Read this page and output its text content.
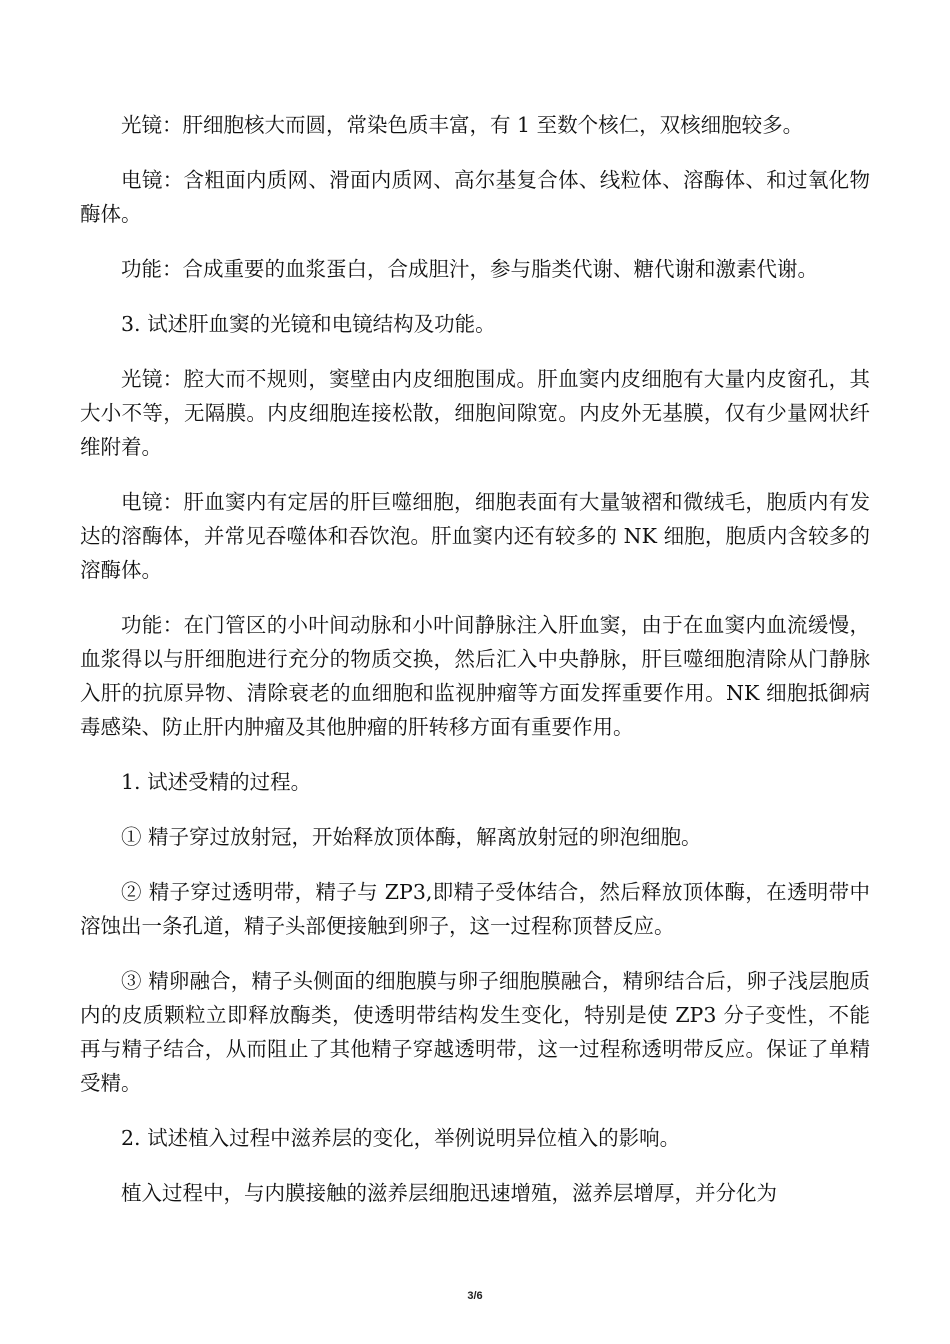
光镜：肝细胞核大而圆，常染色质丰富，有 1 至数个核仁，双核细胞较多。

电镜：含粗面内质网、滑面内质网、高尔基复合体、线粒体、溶酶体、和过氧化物酶体。

功能：合成重要的血浆蛋白，合成胆汁，参与脂类代谢、糖代谢和激素代谢。

3. 试述肝血窦的光镜和电镜结构及功能。

光镜：腔大而不规则，窦壁由内皮细胞围成。肝血窦内皮细胞有大量内皮窗孔，其大小不等，无隔膜。内皮细胞连接松散，细胞间隙宽。内皮外无基膜，仅有少量网状纤维附着。

电镜：肝血窦内有定居的肝巨噬细胞，细胞表面有大量皱褶和微绒毛，胞质内有发达的溶酶体，并常见吞噬体和吞饮泡。肝血窦内还有较多的 NK 细胞，胞质内含较多的溶酶体。

功能：在门管区的小叶间动脉和小叶间静脉注入肝血窦，由于在血窦内血流缓慢，血浆得以与肝细胞进行充分的物质交换，然后汇入中央静脉，肝巨噬细胞清除从门静脉入肝的抗原异物、清除衰老的血细胞和监视肿瘤等方面发挥重要作用。NK 细胞抵御病毒感染、防止肝内肿瘤及其他肿瘤的肝转移方面有重要作用。

1. 试述受精的过程。

① 精子穿过放射冠，开始释放顶体酶，解离放射冠的卵泡细胞。

② 精子穿过透明带，精子与 ZP3,即精子受体结合，然后释放顶体酶，在透明带中溶蚀出一条孔道，精子头部便接触到卵子，这一过程称顶替反应。

③ 精卵融合，精子头侧面的细胞膜与卵子细胞膜融合，精卵结合后，卵子浅层胞质内的皮质颗粒立即释放酶类，使透明带结构发生变化，特别是使 ZP3 分子变性，不能再与精子结合，从而阻止了其他精子穿越透明带，这一过程称透明带反应。保证了单精受精。

2. 试述植入过程中滋养层的变化，举例说明异位植入的影响。

植入过程中，与内膜接触的滋养层细胞迅速增殖，滋养层增厚，并分化为

3/6
